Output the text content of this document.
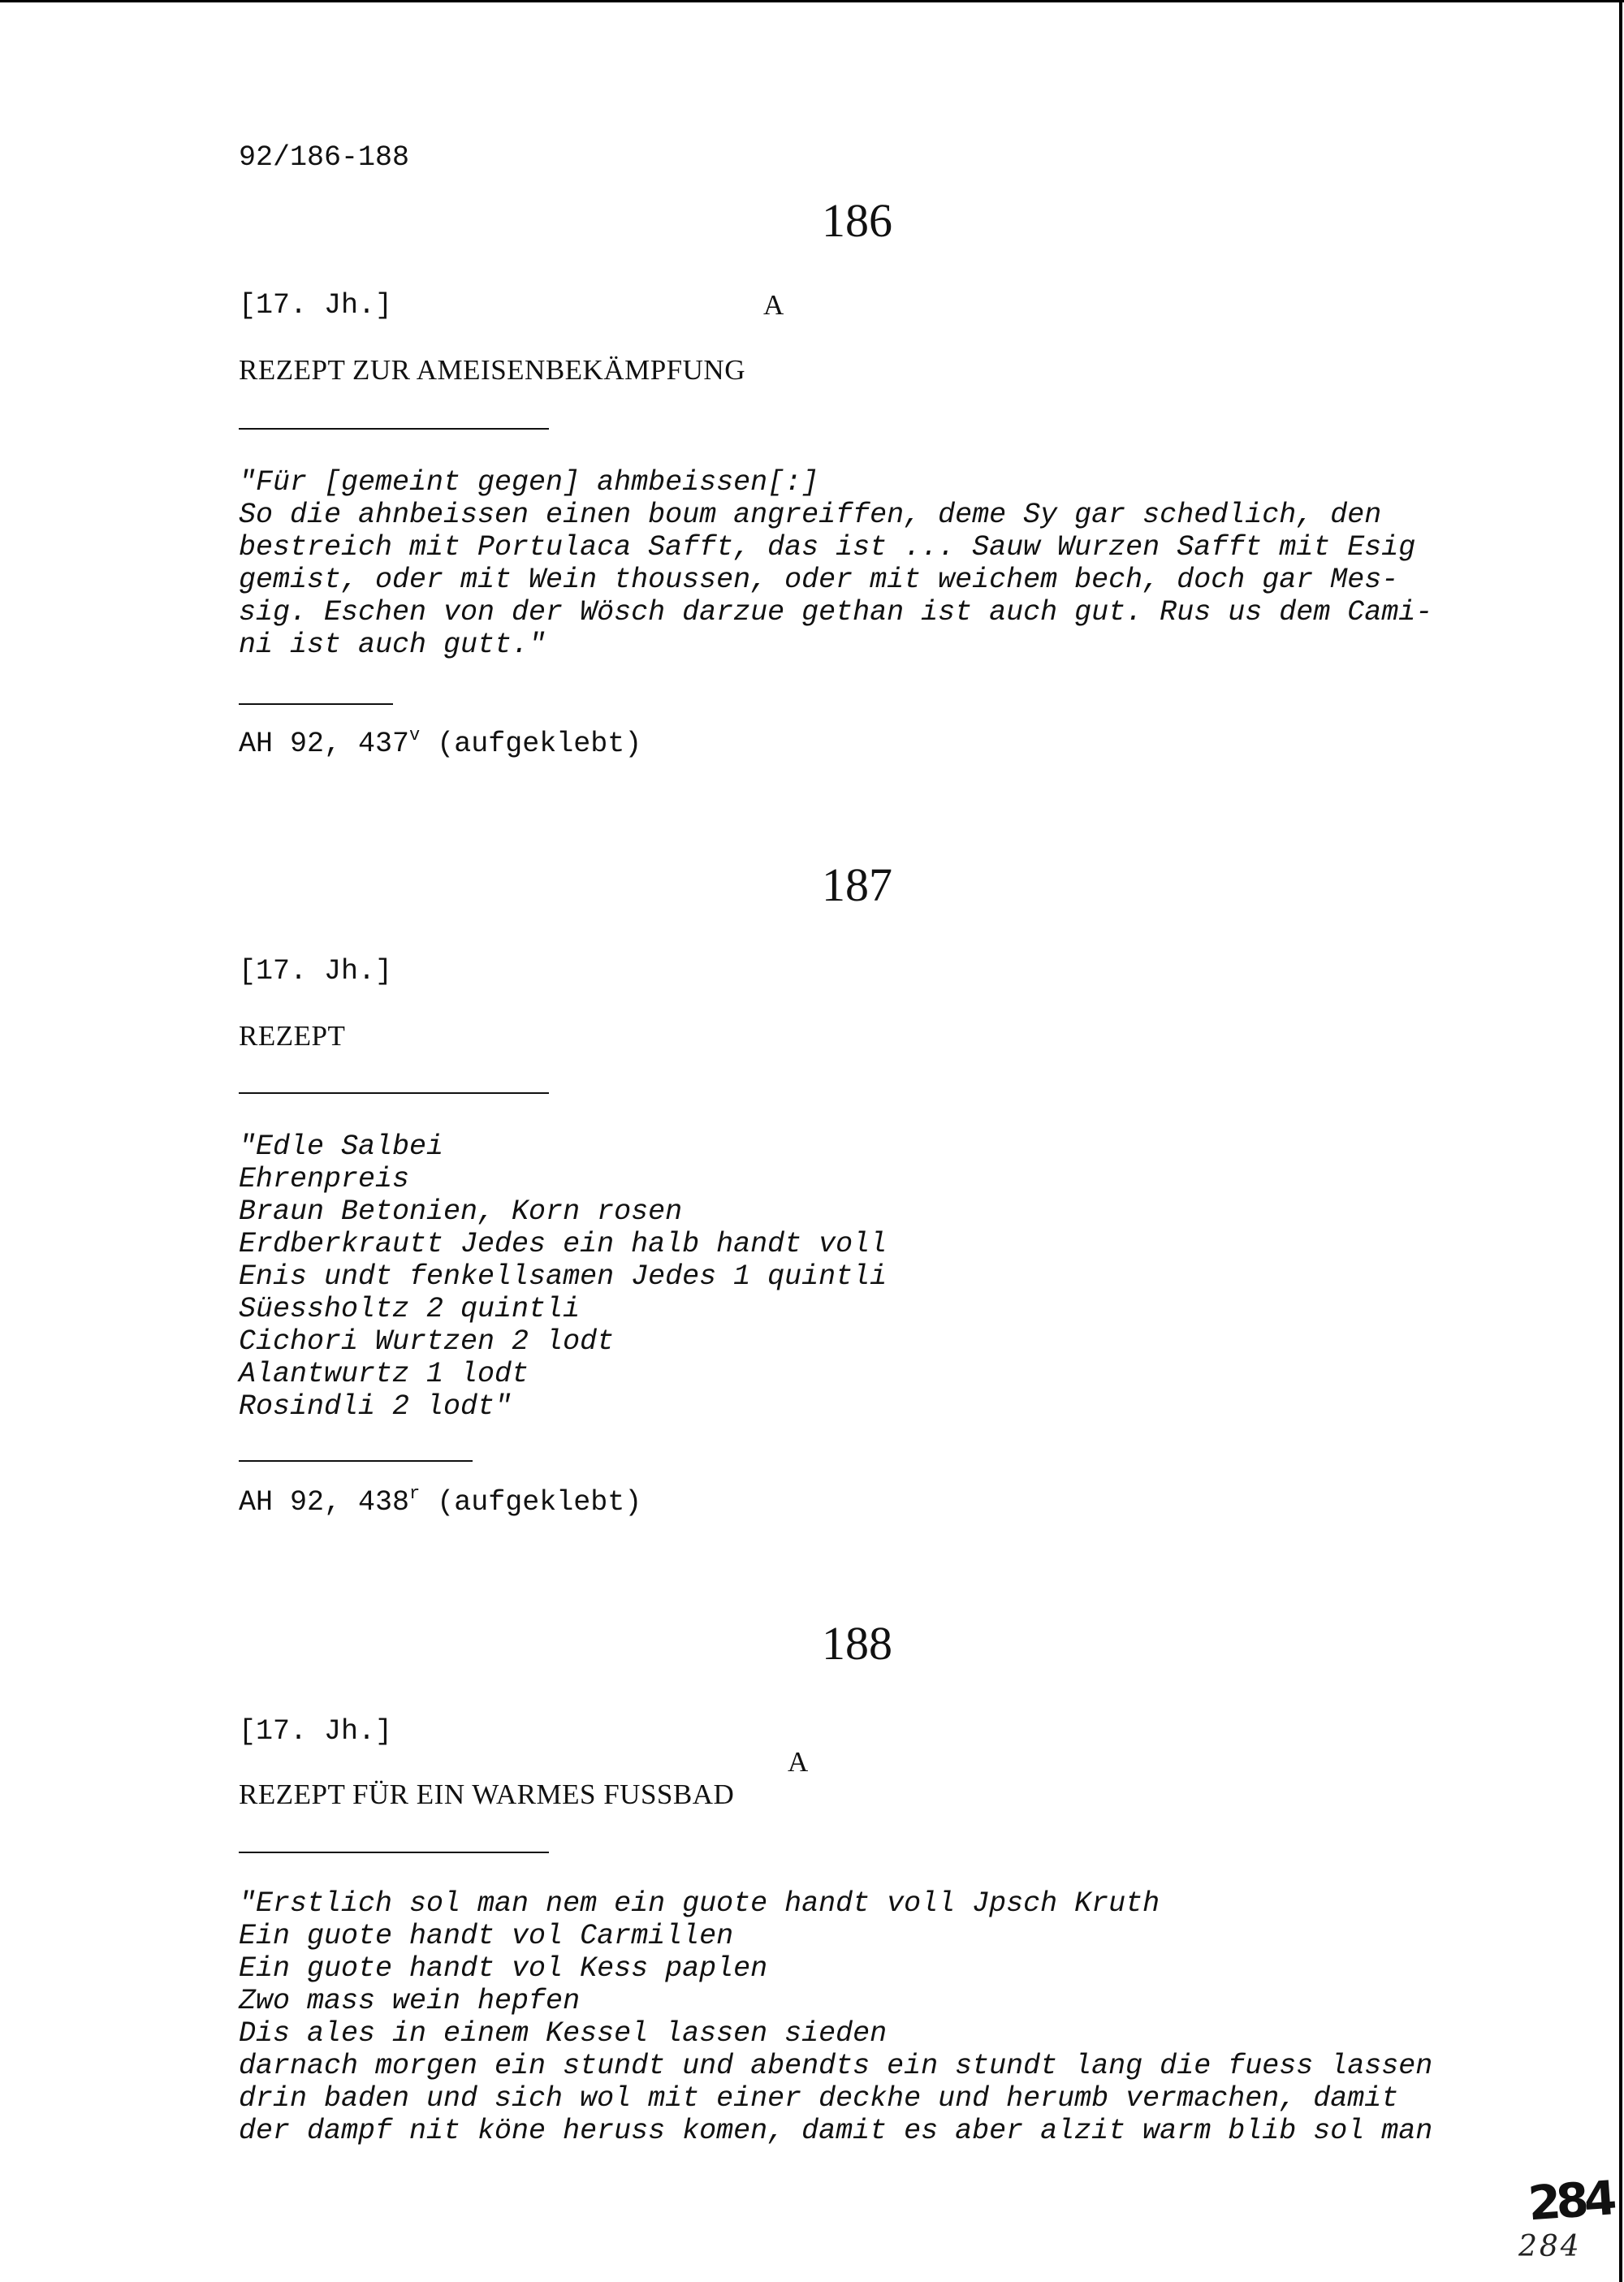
92/186-188
186
[17. Jh.]	A
REZEPT ZUR AMEISENBEKÄMPFUNG
"Für [gemeint gegen] ahmbeissen[:]
So die ahnbeissen einen boum angreiffen, deme Sy gar schedlich, den
bestreich mit Portulaca Safft, das ist ... Sauw Wurzen Safft mit Esig
gemist, oder mit Wein thoussen, oder mit weichem bech, doch gar Mes-
sig. Eschen von der Wösch darzue gethan ist auch gut. Rus us dem Cami-
ni ist auch gutt."
AH 92, 437$^v$ (aufgeklebt)
187
[17. Jh.]
REZEPT
"Edle Salbei
Ehrenpreis
Braun Betonien, Korn rosen
Erdberkrautt Jedes ein halb handt voll
Enis undt fenkellsamen Jedes 1 quintli
Süessholtz 2 quintli
Cichori Wurtzen 2 lodt
Alantwurtz 1 lodt
Rosindli 2 lodt"
AH 92, 438$^r$ (aufgeklebt)
188
[17. Jh.]
A
REZEPT FÜR EIN WARMES FUSSBAD
"Erstlich sol man nem ein guote handt voll Jpsch Kruth
Ein guote handt vol Carmillen
Ein guote handt vol Kess paplen
Zwo mass wein hepfen
Dis ales in einem Kessel lassen sieden
darnach morgen ein stundt und abendts ein stundt lang die fuess lassen
drin baden und sich wol mit einer deckhe und herumb vermachen, damit
der dampf nit köne heruss komen, damit es aber alzit warm blib sol man
284
284
